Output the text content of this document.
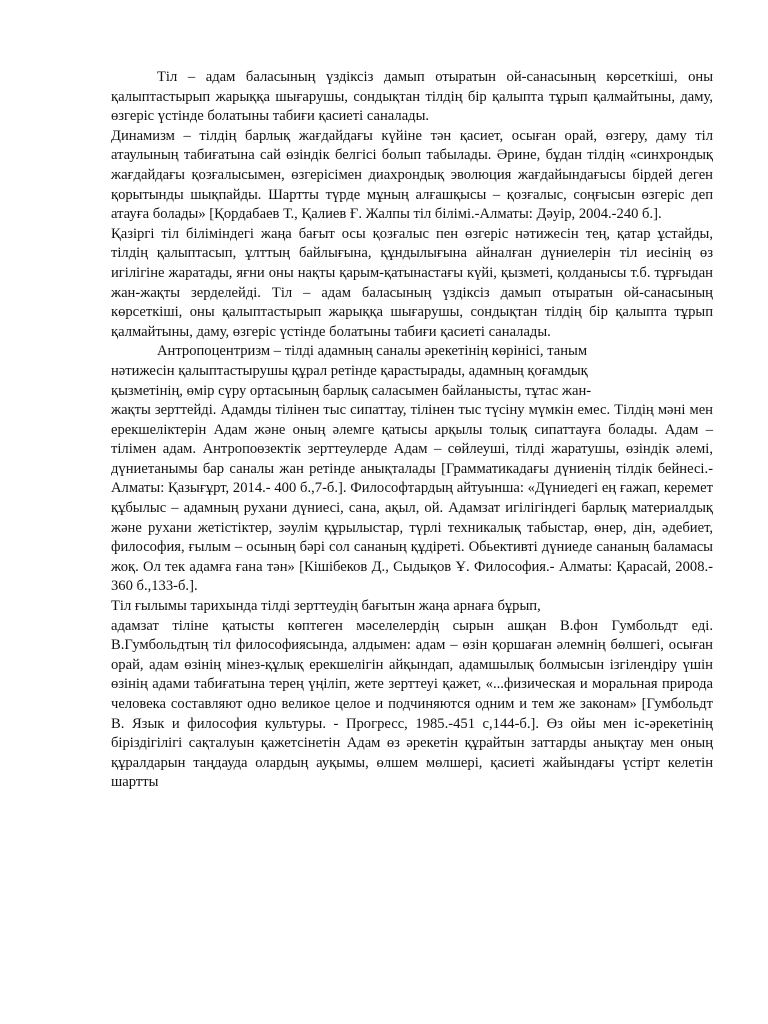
Тіл – адам баласының үздіксіз дамып отыратын ой-санасының көрсеткіші, оны қалыптастырып жарыққа шығарушы, сондықтан тілдің бір қалыпта тұрып қалмайтыны, даму, өзгеріс үстінде болатыны табиғи қасиеті саналады.

Динамизм – тілдің барлық жағдайдағы күйіне тән қасиет, осыған орай, өзгеру, даму тіл атаулының табиғатына сай өзіндік белгісі болып табылады. Әрине, бұдан тілдің «синхрондық жағдайдағы қозғалысымен, өзгерісімен диахрондық эволюция жағдайындағысы бірдей деген қорытынды шықпайды. Шартты түрде мұның алғашқысы – қозғалыс, соңғысын өзгеріс деп атауға болады» [Қордабаев Т., Қалиев Ғ. Жалпы тіл білімі.-Алматы: Дәуір, 2004.-240 б.].

Қазіргі тіл біліміндегі жаңа бағыт осы қозғалыс пен өзгеріс нәтижесін тең, қатар ұстайды, тілдің қалыптасып, ұлттың байлығына, құндылығына айналған дүниелерін тіл иесінің өз игілігіне жаратады, яғни оны нақты қарым-қатынастағы күйі, қызметі, қолданысы т.б. тұрғыдан жан-жақты зерделейді. Тіл – адам баласының үздіксіз дамып отыратын ой-санасының көрсеткіші, оны қалыптастырып жарыққа шығарушы, сондықтан тілдің бір қалыпта тұрып қалмайтыны, даму, өзгеріс үстінде болатыны табиғи қасиеті саналады.

Антропоцентризм – тілді адамның саналы әрекетінің көрінісі, таным
нәтижесін қалыптастырушы құрал ретінде қарастырады, адамның қоғамдық
қызметінің, өмір сүру ортасының барлық саласымен байланысты, тұтас жан-

жақты зерттейді. Адамды тілінен тыс сипаттау, тілінен тыс түсіну мүмкін емес. Тілдің мәні мен ерекшеліктерін Адам және оның әлемге қатысы арқылы толық сипаттауға болады. Адам – тілімен адам. Антропоөзектік зерттеулерде Адам – сөйлеуші, тілді жаратушы, өзіндік әлемі, дүниетанымы бар саналы жан ретінде анықталады [Грамматикадағы дүниенің тілдік бейнесі.-Алматы: Қазығұрт, 2014.- 400 б.,7-б.]. Философтардың айтуынша: «Дүниедегі ең ғажап, керемет құбылыс – адамның рухани дүниесі, сана, ақыл, ой. Адамзат игілігіндегі барлық материалдық және рухани жетістіктер, зәулім құрылыстар, түрлі техникалық табыстар, өнер, дін, әдебиет, философия, ғылым – осының бәрі сол сананың құдіреті. Обьективті дүниеде сананың баламасы жоқ. Ол тек адамға ғана тән» [Кішібеков Д., Сыдықов Ұ. Философия.- Алматы: Қарасай, 2008.- 360 б.,133-б.].

Тіл ғылымы тарихында тілді зерттеудің бағытын жаңа арнаға бұрып,

адамзат тіліне қатысты көптеген мәселелердің сырын ашқан В.фон Гумбольдт еді. В.Гумбольдтың тіл философиясында, алдымен: адам – өзін қоршаған әлемнің бөлшегі, осыған орай, адам өзінің мінез-құлық ерекшелігін айқындап, адамшылық болмысын ізгілендіру үшін өзінің адами табиғатына терең үңіліп, жете зерттеуі қажет, «...физическая и моральная природа человека составляют одно великое целое и подчиняются одним и тем же законам» [Гумбольдт В. Язык и философия культуры. - Прогресс, 1985.-451 с,144-б.]. Өз ойы мен іс-әрекетінің біріздігілігі сақталуын қажетсінетін Адам өз әрекетін құрайтын заттарды анықтау мен оның құралдарын таңдауда олардың ауқымы, өлшем мөлшері, қасиеті жайындағы үстірт келетін шартты
